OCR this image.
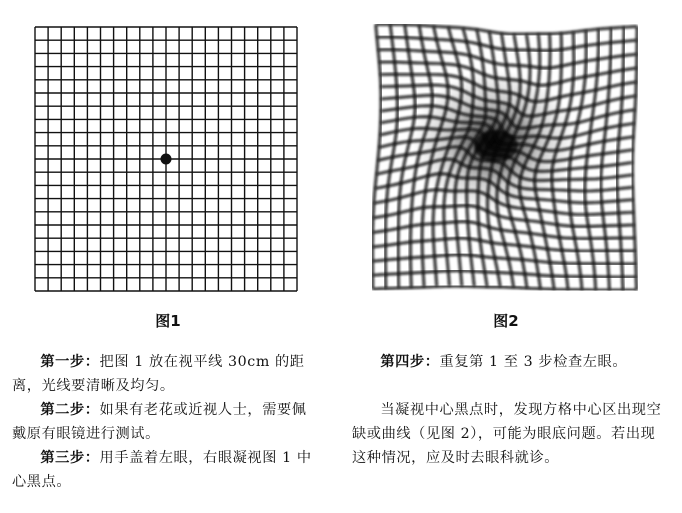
图1	图2

第一步：把图 1 放在视平线 30cm 的距离，光线要清晰及均匀。

第二步：如果有老花或近视人士，需要佩戴原有眼镜进行测试。

第三步：用手盖着左眼，右眼凝视图 1 中心黑点。

第四步：重复第 1 至 3 步检查左眼。

当凝视中心黑点时，发现方格中心区出现空缺或曲线（见图 2），可能为眼底问题。若出现这种情况，应及时去眼科就诊。
